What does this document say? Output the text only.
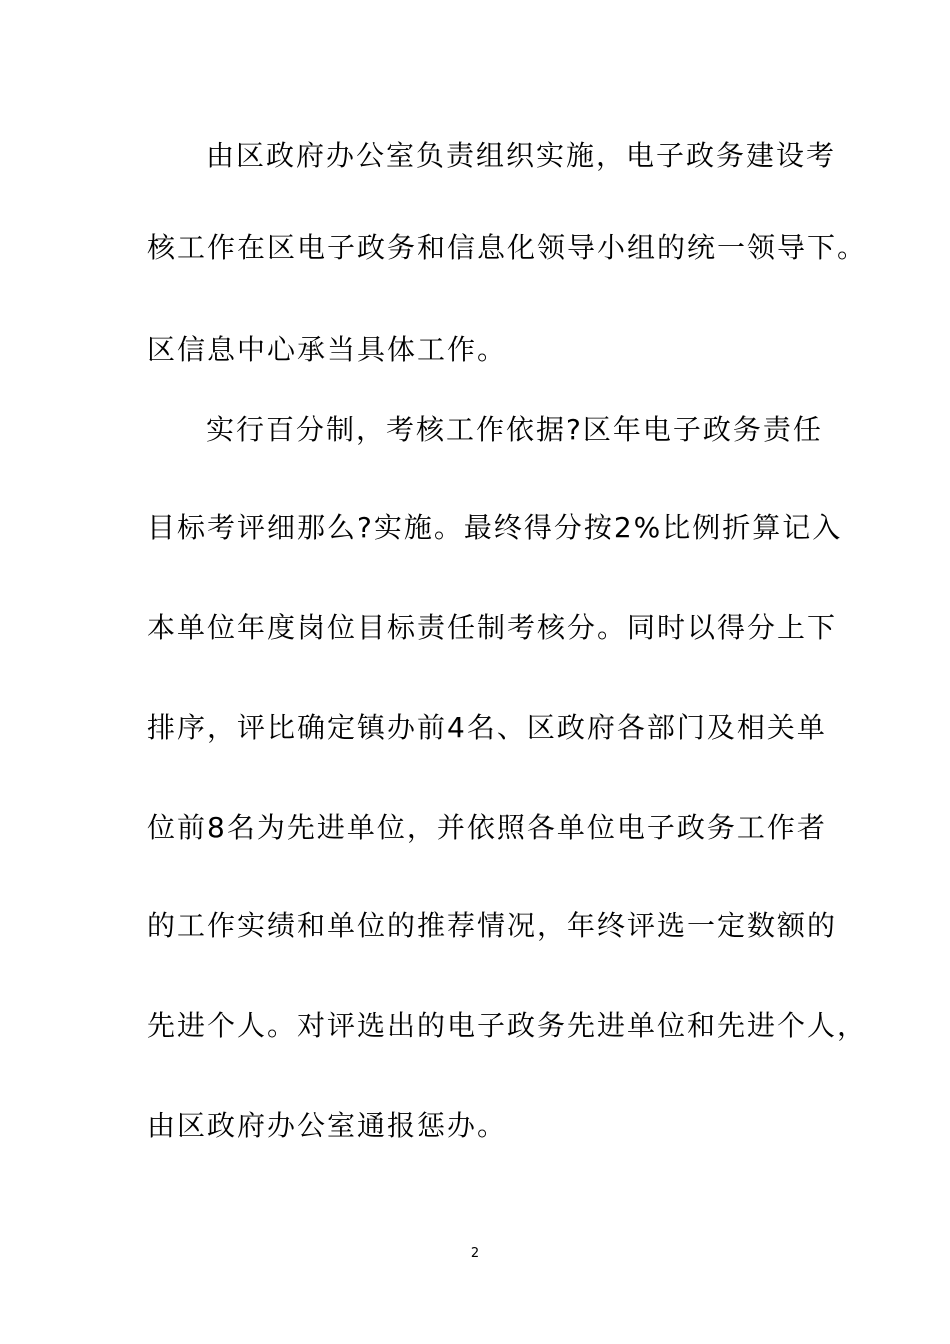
由区政府办公室负责组织实施，电子政务建设考
核工作在区电子政务和信息化领导小组的统一领导下。
区信息中心承当具体工作。
实行百分制，考核工作依据?区年电子政务责任
目标考评细那么?实施。最终得分按2%比例折算记入
本单位年度岗位目标责任制考核分。同时以得分上下
排序，评比确定镇办前4名、区政府各部门及相关单
位前8名为先进单位，并依照各单位电子政务工作者
的工作实绩和单位的推荐情况，年终评选一定数额的
先进个人。对评选出的电子政务先进单位和先进个人，
由区政府办公室通报惩办。
2
